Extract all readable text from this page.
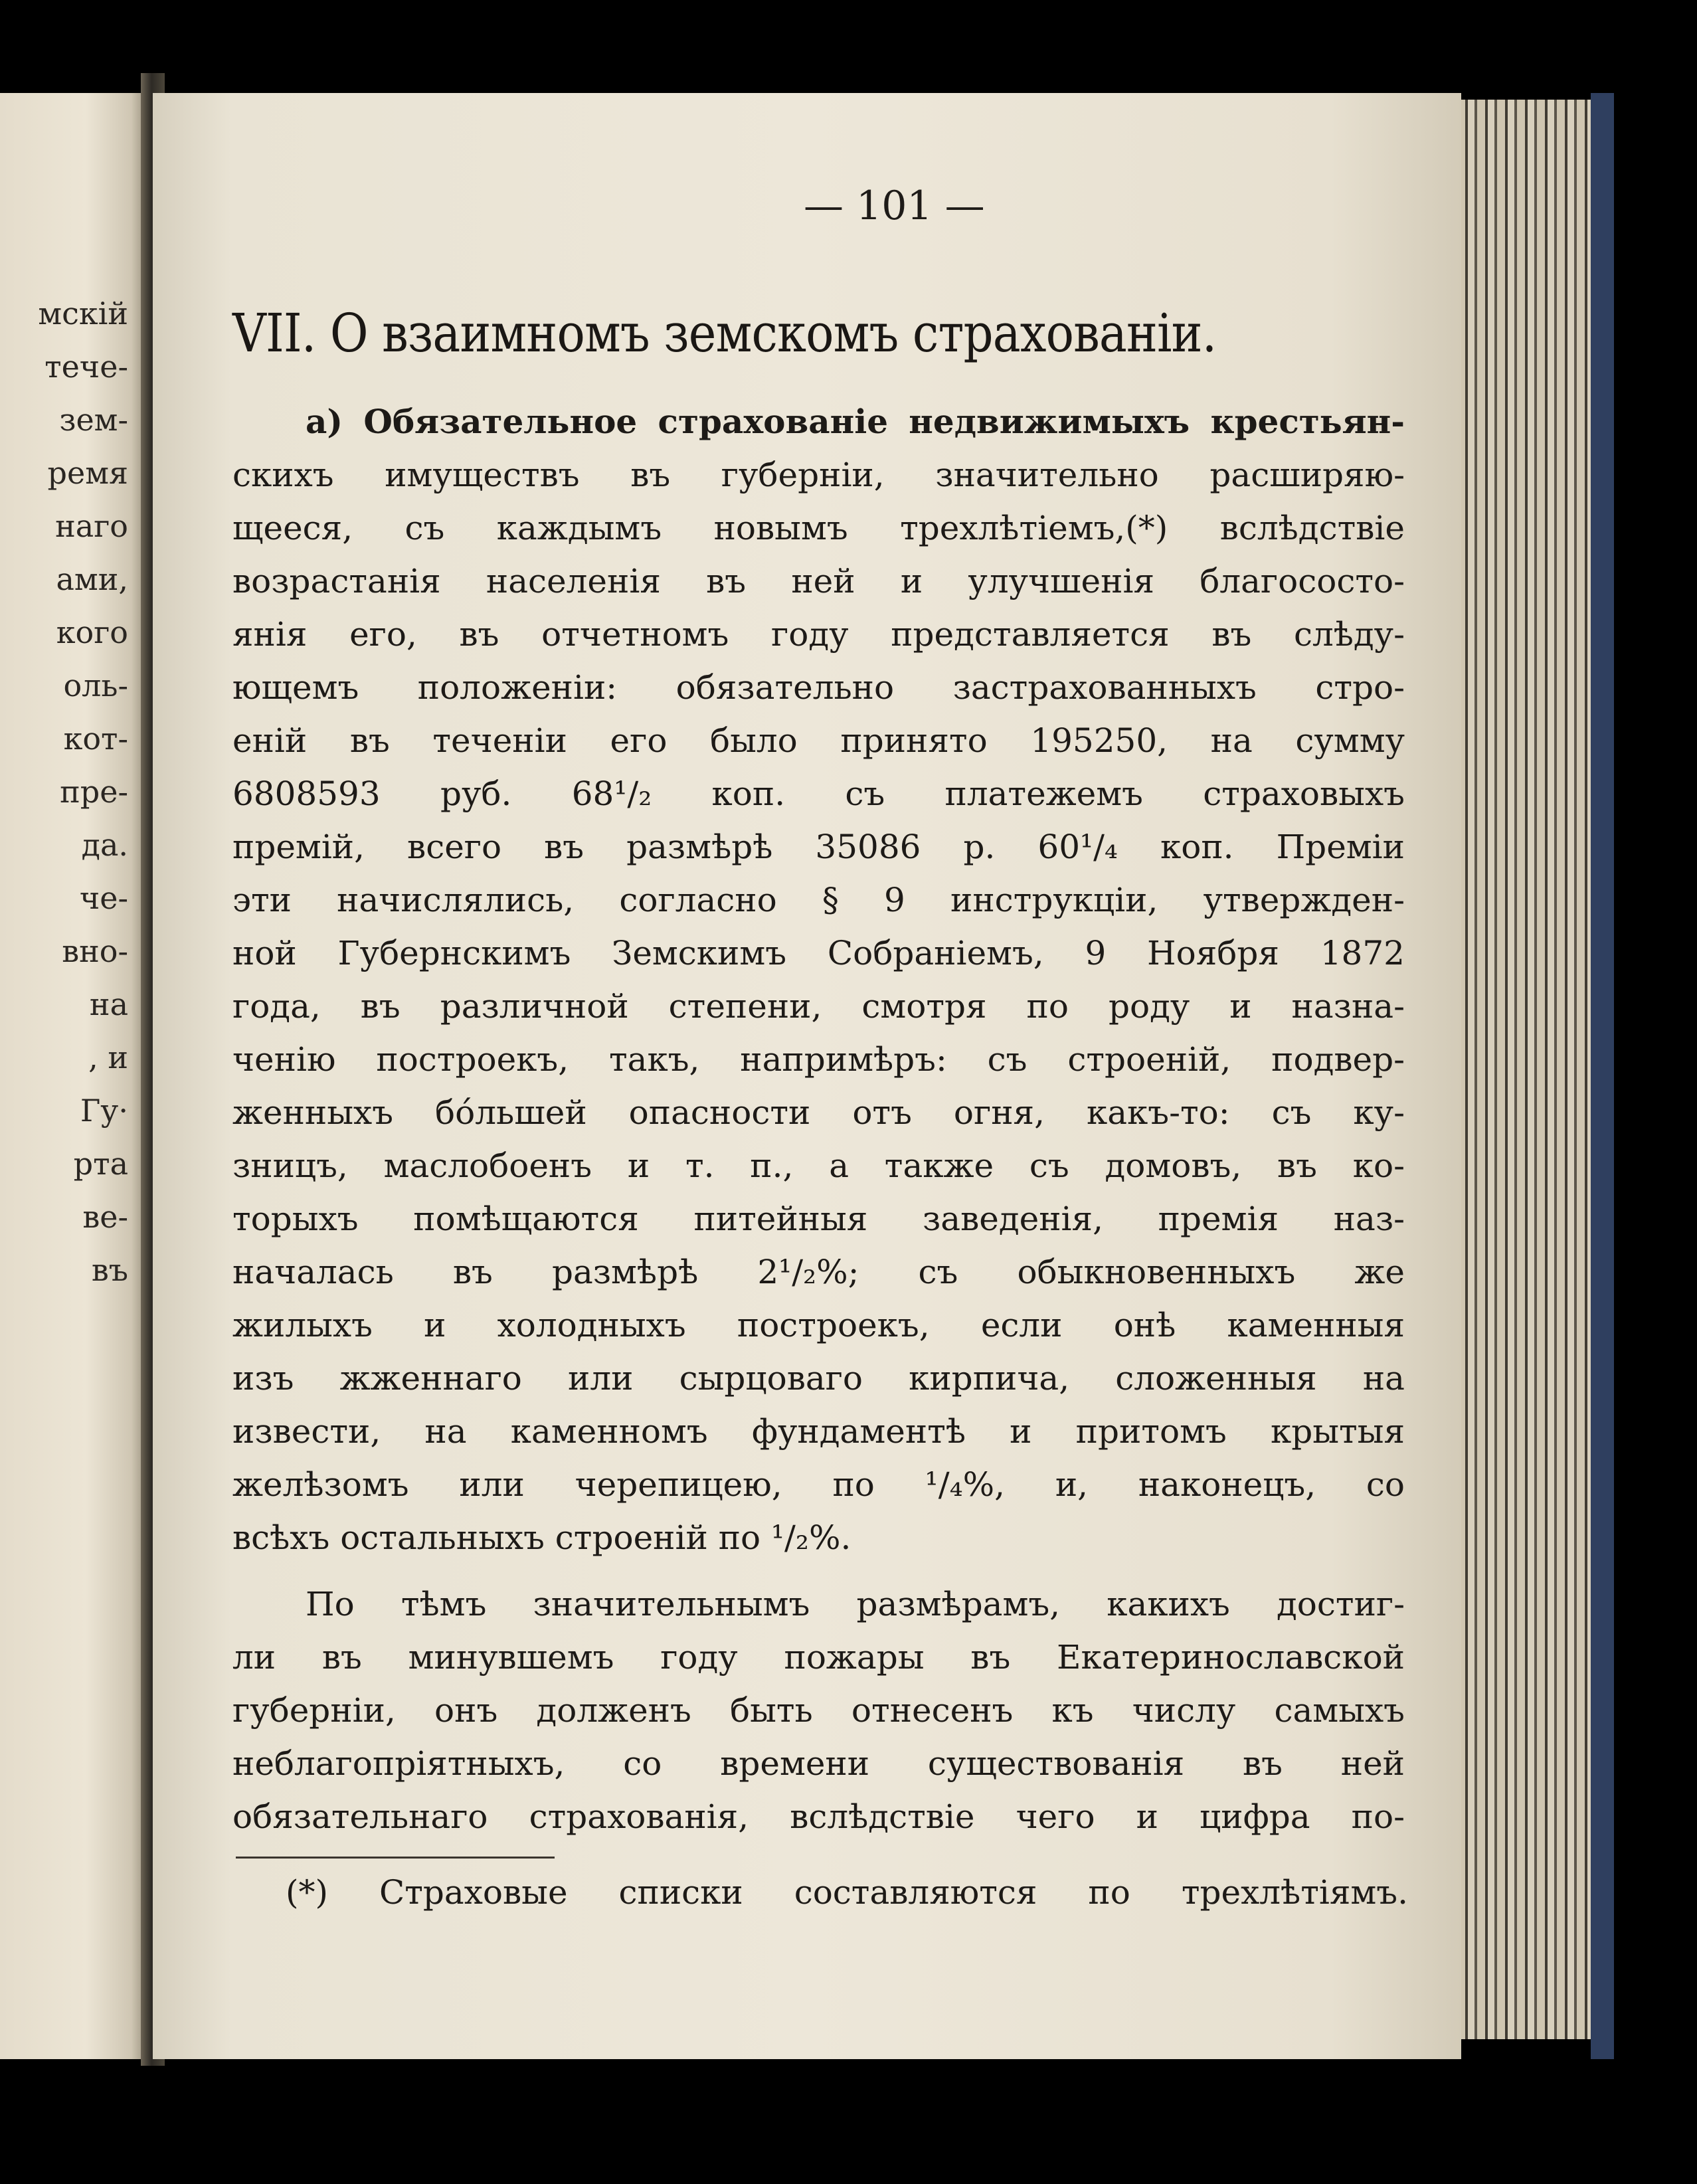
мскій

тече-

зем-

ремя

наго

ами,

кого

оль-

кот-

пре-

да.

че-

вно-

на

, и

Гу·

рта

ве-

въ

— 101 —

VII. О взаимномъ земскомъ страхованіи.

а) Обязательное страхованіе недвижимыхъ крестьян-

скихъ имуществъ въ губерніи, значительно расширяю-

щееся, съ каждымъ новымъ трехлѣтіемъ,(*) вслѣдствіе

возрастанія населенія въ ней и улучшенія благососто-

янія его, въ отчетномъ году представляется въ слѣду-

ющемъ положеніи: обязательно застрахованныхъ стро-

еній въ теченіи его было принято 195250, на сумму

6808593 руб. 68¹/₂ коп. съ платежемъ страховыхъ

премій, всего въ размѣрѣ 35086 р. 60¹/₄ коп. Преміи

эти начислялись, согласно § 9 инструкціи, утвержден-

ной Губернскимъ Земскимъ Собраніемъ, 9 Ноября 1872

года, въ различной степени, смотря по роду и назна-

ченію построекъ, такъ, напримѣръ: съ строеній, подвер-

женныхъ бо́льшей опасности отъ огня, какъ-то: съ ку-

зницъ, маслобоенъ и т. п., а также съ домовъ, въ ко-

торыхъ помѣщаются питейныя заведенія, премія наз-

началась въ размѣрѣ 2¹/₂%; съ обыкновенныхъ же

жилыхъ и холодныхъ построекъ, если онѣ каменныя

изъ жженнаго или сырцоваго кирпича, сложенныя на

извести, на каменномъ фундаментѣ и притомъ крытыя

желѣзомъ или черепицею, по ¹/₄%, и, наконецъ, со

всѣхъ остальныхъ строеній по ¹/₂%.

По тѣмъ значительнымъ размѣрамъ, какихъ достиг-

ли въ минувшемъ году пожары въ Екатеринославской

губерніи, онъ долженъ быть отнесенъ къ числу самыхъ

неблагопріятныхъ, со времени существованія въ ней

обязательнаго страхованія, вслѣдствіе чего и цифра по-

(*) Страховые списки составляются по трехлѣтіямъ.
